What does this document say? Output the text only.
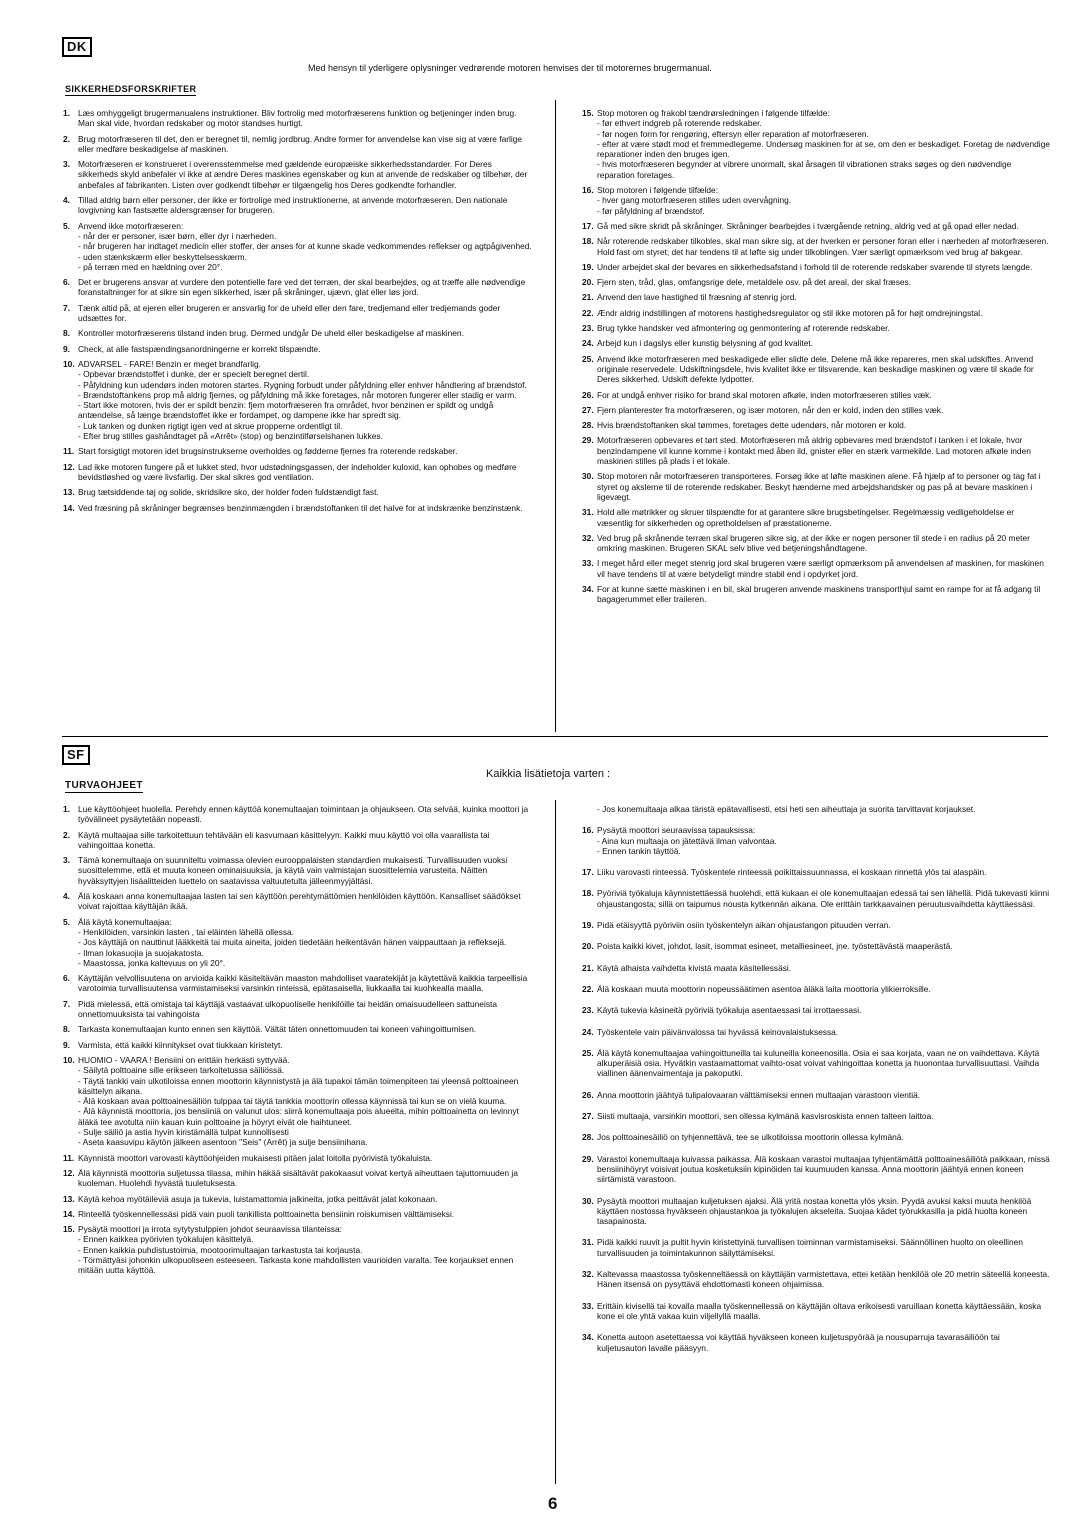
DK
Med hensyn til yderligere oplysninger vedrørende motoren henvises der til motorernes brugermanual.
SIKKERHEDSFORSKRIFTER
1. Læs omhyggeligt brugermanualens instruktioner. Bliv fortrolig med motorfræserens funktion og betjeninger inden brug. Man skal vide, hvordan redskaber og motor standses hurtigt.
2. Brug motorfræseren til det, den er beregnet til, nemlig jordbrug. Andre former for anvendelse kan vise sig at være farlige eller medføre beskadigelse af maskinen.
3. Motorfræseren er konstrueret i overensstemmelse med gældende europæiske sikkerhedsstandarder. For Deres sikkerheds skyld anbefaler vi ikke at ændre Deres maskines egenskaber og kun at anvende de redskaber og tilbehør, der anbefales af fabrikanten. Listen over godkendt tilbehør er tilgængelig hos Deres godkendte forhandler.
4. Tillad aldrig børn eller personer, der ikke er fortrolige med instruktionerne, at anvende motorfræseren. Den nationale lovgivning kan fastsætte aldersgrænser for brugeren.
5. Anvend ikke motorfræseren:
- når der er personer, især børn, eller dyr i nærheden.
- når brugeren har indtaget medicin eller stoffer, der anses for at kunne skade vedkommendes reflekser og agtpågivenhed.
- uden stænkskærm eller beskyttelsesskærm.
- på terræn med en hældning over 20°.
6. Det er brugerens ansvar at vurdere den potentielle fare ved det terræn, der skal bearbejdes, og at træffe alle nødvendige foranstaltninger for at sikre sin egen sikkerhed, især på skråninger, ujævn, glat eller løs jord.
7. Tænk altid på, at ejeren eller brugeren er ansvarlig for de uheld eller den fare, tredjemand eller tredjemands goder udsættes for.
8. Kontroller motorfræserens tilstand inden brug. Dermed undgår De uheld eller beskadigelse af maskinen.
9. Check, at alle fastspændingsanordningerne er korrekt tilspændte.
10. ADVARSEL - FARE! Benzin er meget brandfarlig.
- Opbevar brændstoffet i dunke, der er specielt beregnet dertil.
- Påfyldning kun udendørs inden motoren startes. Rygning forbudt under påfyldning eller enhver håndtering af brændstof.
- Brændstoftankens prop må aldrig fjernes, og påfyldning må ikke foretages, når motoren fungerer eller stadig er varm.
- Start ikke motoren, hvis der er spildt benzin: fjern motorfræseren fra området, hvor benzinen er spildt og undgå antændelse, så længe brændstoffet ikke er fordampet, og dampene ikke har spredt sig.
- Luk tanken og dunken rigtigt igen ved at skrue propperne ordentligt til.
- Efter brug stilles gashåndtaget på «Arrêt» (stop) og benzintilførselshanen lukkes.
11. Start forsigtigt motoren idet brugsinstrukserne overholdes og fødderne fjernes fra roterende redskaber.
12. Lad ikke motoren fungere på et lukket sted, hvor udstødningsgassen, der indeholder kuloxid, kan ophobes og medføre bevidstløshed og være livsfarlig. Der skal sikres god ventilation.
13. Brug tætsiddende tøj og solide, skridsikre sko, der holder foden fuldstændigt fast.
14. Ved fræsning på skråninger begrænses benzinmængden i brændstoftanken til det halve for at indskrænke benzinstænk.
15. Stop motoren og frakobl tændrørsledningen i følgende tilfælde:
- før ethvert indgreb på roterende redskaber.
- før nogen form for rengøring, eftersyn eller reparation af motorfræseren.
- efter at være stødt mod et fremmedlegeme. Undersøg maskinen for at se, om den er beskadiget. Foretag de nødvendige reparationer inden den bruges igen.
- hvis motorfræseren begynder at vibrere unormalt, skal årsagen til vibrationen straks søges og den nødvendige reparation foretages.
16. Stop motoren i følgende tilfælde:
- hver gang motorfræseren stilles uden overvågning.
- før påfyldning af brændstof.
17. Gå med sikre skridt på skråninger. Skråninger bearbejdes i tværgående retning, aldrig ved at gå opad eller nedad.
18. Når roterende redskaber tilkobles, skal man sikre sig, at der hverken er personer foran eller i nærheden af motorfræseren. Hold fast om styret; det har tendens til at løfte sig under tilkoblingen. Vær særligt opmærksom ved brug af bakgear.
19. Under arbejdet skal der bevares en sikkerhedsafstand i forhold til de roterende redskaber svarende til styrets længde.
20. Fjern sten, tråd, glas, omfangsrige dele, metaldele osv. på det areal, der skal fræses.
21. Anvend den lave hastighed til fræsning af stenrig jord.
22. Ændr aldrig indstillingen af motorens hastighedsregulator og stil ikke motoren på for højt omdrejningstal.
23. Brug tykke handsker ved afmontering og genmontering af roterende redskaber.
24. Arbejd kun i dagslys eller kunstig belysning af god kvalitet.
25. Anvend ikke motorfræseren med beskadigede eller slidte dele. Delene må ikke repareres, men skal udskiftes. Anvend originale reservedele. Udskiftningsdele, hvis kvalitet ikke er tilsvarende, kan beskadige maskinen og være til skade for Deres sikkerhed. Udskift defekte lydpotter.
26. For at undgå enhver risiko for brand skal motoren afkøle, inden motorfræseren stilles væk.
27. Fjern planterester fra motorfræseren, og især motoren, når den er kold, inden den stilles væk.
28. Hvis brændstoftanken skal tømmes, foretages dette udendørs, når motoren er kold.
29. Motorfræseren opbevares et tørt sted. Motorfræseren må aldrig opbevares med brændstof i tanken i et lokale, hvor benzindampene vil kunne komme i kontakt med åben ild, gnister eller en stærk varmekilde. Lad motoren afkøle inden maskinen stilles på plads i et lokale.
30. Stop motoren når motorfræseren transporteres. Forsøg ikke at løfte maskinen alene. Få hjælp af to personer og tag fat i styret og akslerne til de roterende redskaber. Beskyt hænderne med arbejdshandsker og pas på at bevare maskinen i ligevægt.
31. Hold alle møtrikker og skruer tilspændte for at garantere sikre brugsbetingelser. Regelmæssig vedligeholdelse er væsentlig for sikkerheden og opretholdelsen af præstationerne.
32. Ved brug på skrånende terræn skal brugeren sikre sig, at der ikke er nogen personer til stede i en radius på 20 meter omkring maskinen. Brugeren SKAL selv blive ved betjeningshåndtagene.
33. I meget hård eller meget stenrig jord skal brugeren være særligt opmærksom på anvendelsen af maskinen, for maskinen vil have tendens til at være betydeligt mindre stabil end i opdyrket jord.
34. For at kunne sætte maskinen i en bil, skal brugeren anvende maskinens transporthjul samt en rampe for at få adgang til bagagerummet eller traileren.
SF
Kaikkia lisätietoja varten :
TURVAOHJEET
1. Lue käyttöohjeet huolella. Perehdy ennen käyttöä konemultaajan toimintaan ja ohjaukseen. Ota selvää, kuinka moottori ja työvälineet pysäytetään nopeasti.
2. Käytä multaajaa sille tarkoitettuun tehtävään eli kasvumaan käsittelyyn. Kaikki muu käyttö voi olla vaarallista tai vahingoittaa konetta.
3. Tämä konemultaaja on suunniteltu voimassa olevien eurooppalaisten standardien mukaisesti. Turvallisuuden vuoksi suosittelemme, että et muuta koneen ominaisuuksia, ja käytä vain valmistajan suosittelemia varusteita. Näitten hyväksyttyjen lisäalitteiden luettelo on saatavissa valtuutetulta jälleenmyyjältäsi.
4. Älä koskaan anna konemultaajaa lasten tai sen käyttöön perehtymättömien henkilöiden käyttöön. Kansalliset säädökset voivat rajoittaa käyttäjän ikää.
5. Älä käytä konemultaajaa:
- Henkilöiden, varsinkin lasten , tai eläinten lähellä ollessa.
- Jos käyttäjä on nauttinut lääkkeitä tai muita aineita, joiden tiedetään heikentävän hänen vaippauttaan ja refleksejä.
- Ilman lokasuojia ja suojakatosta.
- Maastossa, jonka kaltevuus on yli 20°.
6. Käyttäjän velvollisuutena on arvioida kaikki käsiteltävän maaston mahdolliset vaaratekijät ja käytettävä kaikkia tarpeellisia varotoimia turvallisuutensa varmistamiseksi varsinkin rinteissä, epätasaisella, liukkaalla tai kuohkealla maalla.
7. Pidä mielessä, että omistaja tai käyttäjä vastaavat ulkopuoliselle henkilöille tai heidän omaisuudelleen sattuneista onnettomuuksista tai vahingoista
8. Tarkasta konemultaajan kunto ennen sen käyttöä. Vältät täten onnettomuuden tai koneen vahingoittumisen.
9. Varmista, että kaikki kiinnitykset ovat tiukkaan kiristetyt.
10. HUOMIO - VAARA ! Bensiini on erittäin herkästi syttyvää.
- Säilytä polttoaine sille erikseen tarkoitetussa säiliössä.
- Täytä tankki vain ulkotiloissa ennen moottorin käynnistystä ja älä tupakoi tämän toimenpiteen tai yleensä polttoaineen käsittelyn aikana.
- Älä koskaan avaa polttoainesäiliön tulppaa tai täytä tankkia moottorin ollessa käynnissä tai kun se on vielä kuuma.
- Älä käynnistä moottoria, jos bensiiniä on valunut ulos: siirrä konemultaaja pois alueelta, mihin polttoainetta on levinnyt äläkä tee avotulta niin kauan kuin polttoaine ja höyryt eivät ole haihtuneet.
- Sulje säiliö ja astia hyvin kiristämällä tulpat kunnollisesti
- Aseta kaasuvipu käytön jälkeen asentoon "Seis" (Arrêt) ja sulje bensiinihana.
11. Käynnistä moottori varovasti käyttöohjeiden mukaisesti pitäen jalat loitolla pyörivistä työkaluista.
12. Älä käynnistä moottoria suljetussa tilassa, mihin häkää sisältävät pakokaasut voivat kertyä aiheuttaen tajuttomuuden ja kuoleman. Huolehdi hyvästä tuuletuksesta.
13. Käytä kehoa myötäileviä asuja ja tukevia, luistamattomia jalkineita, jotka peittävät jalat kokonaan.
14. Rinteellä työskennellessäsi pidä vain puoli tankillista polttoainetta bensiinin roiskumisen välttämiseksi.
15. Pysäytä moottori ja irrota sytytystulppien johdot seuraavissa tilanteissa:
- Ennen kaikkea pyörivien työkalujen käsittelyä.
- Ennen kaikkia puhdistustoimia, mootoorimultaajan tarkastusta tai korjausta.
- Törmättyäsi johonkin ulkopuoliseen esteeseen. Tarkasta kone mahdollisten vaurioiden varalta. Tee korjaukset ennen mitään uutta käyttöä.
- Jos konemultaaja alkaa täristä epätavallisesti, etsi heti sen aiheuttaja ja suorita tarvittavat korjaukset.
16. Pysäytä moottori seuraavissa tapauksissa:
- Aina kun multaaja on jätettävä ilman valvontaa.
- Ennen tankin täyttöä.
17. Liiku varovasti rinteessä. Työskentele rinteessä poikittaissuunnassa, ei koskaan rinnettä ylös tai alaspäin.
18. Pyöriviä työkaluja käynnistettäessä huolehdi, että kukaan ei ole konemultaajan edessä tai sen lähellä. Pidä tukevasti kiinni ohjaustangosta; sillä on taipumus nousta kytkennän aikana. Ole erittäin tarkkaavainen peruutusvaihdetta käyttäessäsi.
19. Pidä etäisyyttä pyöriviin osiin työskentelyn aikan ohjaustangon pituuden verran.
20. Poista kaikki kivet, johdot, lasit, isommat esineet, metalliesineet, jne. työstettävästä maaperästä.
21. Käytä alhaista vaihdetta kivistä maata käsitellessäsi.
22. Älä koskaan muuta moottorin nopeussäätimen asentoa äläkä laita moottoria ylikierroksille.
23. Käytä tukevia käsineitä pyöriviä työkaluja asentaessasi tai irrottaessasi.
24. Työskentele vain päivänvalossa tai hyvässä keinovalaistuksessa.
25. Älä käytä konemultaajaa vahingoittuneilla tai kuluneilla koneenosilla. Osia ei saa korjata, vaan ne on vaihdettava. Käytä alkuperäisiä osia. Hyvätkin vastaamattomat vaihto-osat voivat vahingoittaa konetta ja huonontaa turvallisuuttasi. Vaihda viallinen äänenvaimentaja ja pakoputki.
26. Anna moottorin jäähtyä tulipalovaaran välttämiseksi ennen multaajan varastoon vientiä.
27. Siisti multaaja, varsinkin moottori, sen ollessa kylmänä kasvisroskista ennen talteen laittoa.
28. Jos polttoainesäiliö on tyhjennettävä, tee se ulkotiloissa moottorin ollessa kylmänä.
29. Varastoi konemultaaja kuivassa paikassa. Älä koskaan varastoi multaajaa tyhjentämättä polttoainesäiliötä paikkaan, missä bensiinihöyryt voisivat joutua kosketuksiin kipinöiden tai kuumuuden kanssa. Anna moottorin jäähtyä ennen koneen siirtämistä varastoon.
30. Pysäytä moottori multaajan kuljetuksen ajaksi. Älä yritä nostaa konetta ylös yksin. Pyydä avuksi kaksi muuta henkilöä käyttäen nostossa hyväkseen ohjaustankoa ja työkalujen akseleita. Suojaa kädet työrukkasilla ja pidä huolta koneen tasapainosta.
31. Pidä kaikki ruuvit ja pultit hyvin kiristettyinä turvallisen toiminnan varmistamiseksi. Säännöllinen huolto on oleellinen turvallisuuden ja toimintakunnon säilyttämiseksi.
32. Kaltevassa maastossa työskenneltäessä on käyttäjän varmistettava, ettei ketään henkilöä ole 20 metrin säteellä koneesta. Hänen itsensä on pysyttävä ehdottomasti koneen ohjaimissa.
33. Erittäin kivisellä tai kovalla maalla työskennellessä on käyttäjän oltava erikoisesti varuillaan konetta käyttäessään, koska kone ei ole yhtä vakaa kuin viljellyllä maalla.
34. Konetta autoon asetettaessa voi käyttää hyväkseen koneen kuljetuspyörää ja nousuparruja tavarasäiliöön tai kuljetusauton lavalle pääsyyn.
6
